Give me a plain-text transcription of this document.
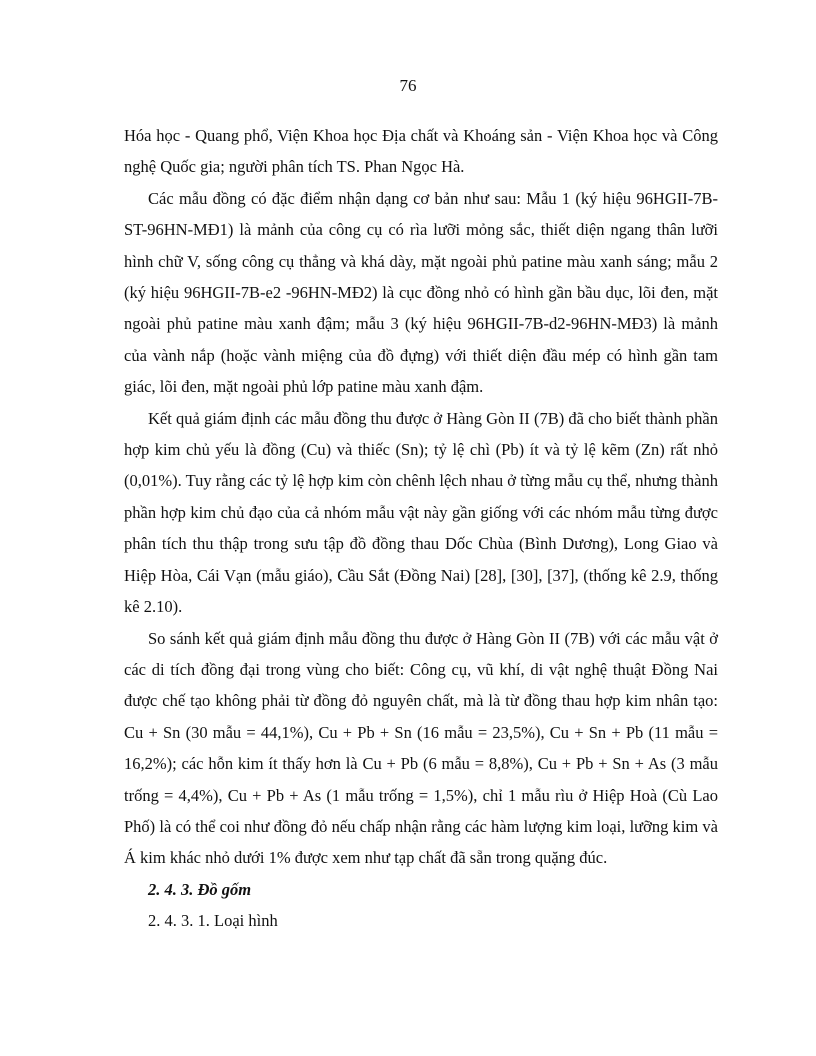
76

Hóa học - Quang phổ, Viện Khoa học Địa chất và Khoáng sản - Viện Khoa học và Công nghệ Quốc gia; người phân tích TS. Phan Ngọc Hà.

Các mẫu đồng có đặc điểm nhận dạng cơ bản như sau: Mẫu 1 (ký hiệu 96HGII-7B-ST-96HN-MĐ1) là mảnh của công cụ có rìa lưỡi mỏng sắc, thiết diện ngang thân lưỡi hình chữ V, sống công cụ thẳng và khá dày, mặt ngoài phủ patine màu xanh sáng; mẫu 2 (ký hiệu 96HGII-7B-e2 -96HN-MĐ2) là cục đồng nhỏ có hình gần bầu dục, lõi đen, mặt ngoài phủ patine màu xanh đậm; mẫu 3 (ký hiệu 96HGII-7B-d2-96HN-MĐ3) là mảnh của vành nắp (hoặc vành miệng của đồ đựng) với thiết diện đầu mép có hình gần tam giác, lõi đen, mặt ngoài phủ lớp patine màu xanh đậm.

Kết quả giám định các mẫu đồng thu được ở Hàng Gòn II (7B) đã cho biết thành phần hợp kim chủ yếu là đồng (Cu) và thiếc (Sn); tỷ lệ chì (Pb) ít và tỷ lệ kẽm (Zn) rất nhỏ (0,01%). Tuy rằng các tỷ lệ hợp kim còn chênh lệch nhau ở từng mẫu cụ thể, nhưng thành phần hợp kim chủ đạo của cả nhóm mẫu vật này gần giống với các nhóm mẫu từng được phân tích thu thập trong sưu tập đồ đồng thau Dốc Chùa (Bình Dương), Long Giao và Hiệp Hòa, Cái Vạn (mẫu giáo), Cầu Sắt (Đồng Nai) [28], [30], [37], (thống kê 2.9, thống kê 2.10).

So sánh kết quả giám định mẫu đồng thu được ở Hàng Gòn II (7B) với các mẫu vật ở các di tích đồng đại trong vùng cho biết: Công cụ, vũ khí, di vật nghệ thuật Đồng Nai được chế tạo không phải từ đồng đỏ nguyên chất, mà là từ đồng thau hợp kim nhân tạo: Cu + Sn (30 mẫu = 44,1%), Cu + Pb + Sn (16 mẫu = 23,5%), Cu + Sn + Pb (11 mẫu = 16,2%); các hỗn kim ít thấy hơn là Cu + Pb (6 mẫu = 8,8%), Cu + Pb + Sn + As (3 mẫu trống = 4,4%), Cu + Pb + As (1 mẫu trống = 1,5%), chỉ 1 mẫu rìu ở Hiệp Hoà (Cù Lao Phố) là có thể coi như đồng đỏ nếu chấp nhận rằng các hàm lượng kim loại, lưỡng kim và Á kim khác nhỏ dưới 1% được xem như tạp chất đã sẵn trong quặng đúc.

2. 4. 3. Đồ gốm

2. 4. 3. 1. Loại hình
